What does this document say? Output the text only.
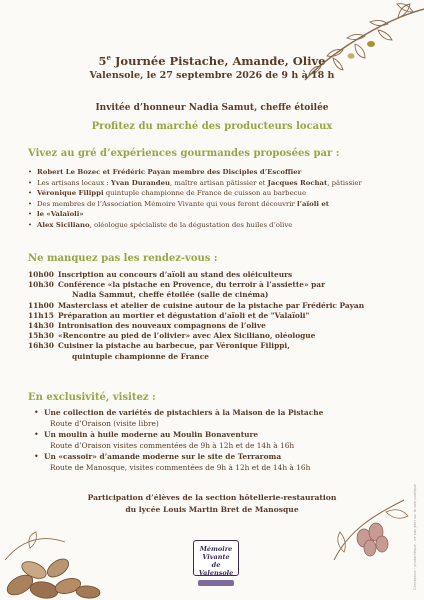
Conception : photothèque - ne pas jeter sur la voie publique
5e Journée Pistache, Amande, Olive
Valensole, le 27 septembre 2026 de 9 h à 18 h
Invitée d’honneur Nadia Samut, cheffe étoilée
Profitez du marché des producteurs locaux
Vivez au gré d’expériences gourmandes proposées par :
• Robert Le Bozec et Frédéric Payan membre des Disciples d’Escoffier
• Les artisans locaux : Yvan Durandeu, maître artisan pâtissier et Jacques Rochat, pâtissier
• Véronique Filippi quintuple championne de France de cuisson au barbecue
• Des membres de l’Association Mémoire Vivante qui vous feront découvrir l’aïoli et
• le «Valaïoli»
• Alex Siciliano, oléologue spécialiste de la dégustation des huiles d’olive
Ne manquez pas les rendez-vous :
10h00 Inscription au concours d’aïoli au stand des oléiculteurs
10h30 Conférence «la pistache en Provence, du terroir à l’assiette» par
Nadia Sammut, cheffe étoilée (salle de cinéma)
11h00 Masterclass et atelier de cuisine autour de la pistache par Frédéric Payan
11h15 Préparation au mortier et dégustation d’aïoli et de "Valaïoli"
14h30 Intronisation des nouveaux compagnons de l’olive
15h30 «Rencontre au pied de l’olivier» avec Alex Siciliano, oléologue
16h30 Cuisiner la pistache au barbecue, par Véronique Filippi,
quintuple championne de France
En exclusivité, visitez :
• Une collection de variétés de pistachiers à la Maison de la Pistache
Route d’Oraison (visite libre)
• Un moulin à huile moderne au Moulin Bonaventure
Route d’Oraison visites commentées de 9h à 12h et de 14h à 16h
• Un «cassoir» d’amande moderne sur le site de Terraroma
Route de Manosque, visites commentées de 9h à 12h et de 14h à 16h
Participation d’élèves de la section hôtellerie-restauration
du lycée Louis Martin Bret de Manosque
Mémoire Vivante
de Valensole
